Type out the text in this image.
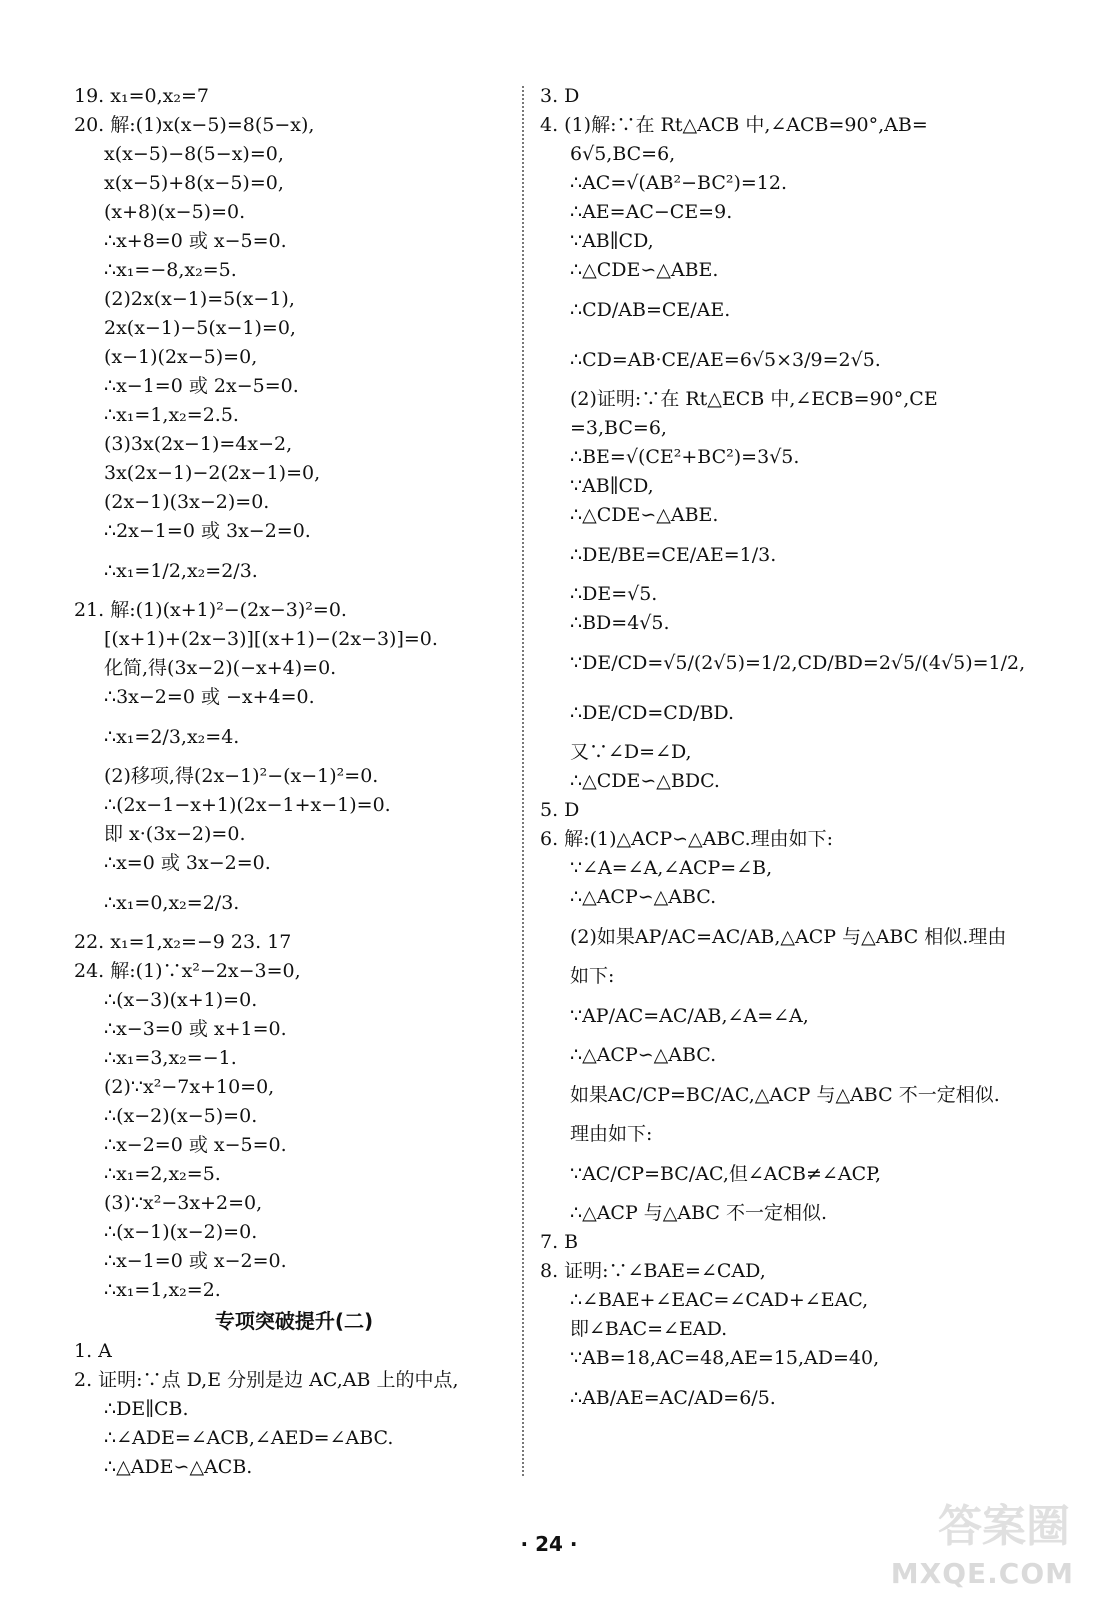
19. x₁=0,x₂=7
20. 解:(1)x(x−5)=8(5−x),
x(x−5)−8(5−x)=0,
x(x−5)+8(x−5)=0,
(x+8)(x−5)=0.
∴x+8=0 或 x−5=0.
∴x₁=−8,x₂=5.
(2)2x(x−1)=5(x−1),
2x(x−1)−5(x−1)=0,
(x−1)(2x−5)=0,
∴x−1=0 或 2x−5=0.
∴x₁=1,x₂=2.5.
(3)3x(2x−1)=4x−2,
3x(2x−1)−2(2x−1)=0,
(2x−1)(3x−2)=0.
∴2x−1=0 或 3x−2=0.
∴x₁=1/2,x₂=2/3.
21. 解:(1)(x+1)²−(2x−3)²=0.
[(x+1)+(2x−3)][(x+1)−(2x−3)]=0.
化简,得(3x−2)(−x+4)=0.
∴3x−2=0 或 −x+4=0.
∴x₁=2/3,x₂=4.
(2)移项,得(2x−1)²−(x−1)²=0.
∴(2x−1−x+1)(2x−1+x−1)=0.
即 x·(3x−2)=0.
∴x=0 或 3x−2=0.
∴x₁=0,x₂=2/3.
22. x₁=1,x₂=−9 23. 17
24. 解:(1)∵x²−2x−3=0,
∴(x−3)(x+1)=0.
∴x−3=0 或 x+1=0.
∴x₁=3,x₂=−1.
(2)∵x²−7x+10=0,
∴(x−2)(x−5)=0.
∴x−2=0 或 x−5=0.
∴x₁=2,x₂=5.
(3)∵x²−3x+2=0,
∴(x−1)(x−2)=0.
∴x−1=0 或 x−2=0.
∴x₁=1,x₂=2.
专项突破提升(二)
1. A
2. 证明:∵点 D,E 分别是边 AC,AB 上的中点,
∴DE∥CB.
∴∠ADE=∠ACB,∠AED=∠ABC.
∴△ADE∽△ACB.
3. D
4. (1)解:∵在 Rt△ACB 中,∠ACB=90°,AB=
6√5,BC=6,
∴AC=√(AB²−BC²)=12.
∴AE=AC−CE=9.
∵AB∥CD,
∴△CDE∽△ABE.
∴CD/AB=CE/AE.
∴CD=AB·CE/AE=6√5×3/9=2√5.
(2)证明:∵在 Rt△ECB 中,∠ECB=90°,CE
=3,BC=6,
∴BE=√(CE²+BC²)=3√5.
∵AB∥CD,
∴△CDE∽△ABE.
∴DE/BE=CE/AE=1/3.
∴DE=√5.
∴BD=4√5.
∵DE/CD=√5/(2√5)=1/2,CD/BD=2√5/(4√5)=1/2,
∴DE/CD=CD/BD.
又∵∠D=∠D,
∴△CDE∽△BDC.
5. D
6. 解:(1)△ACP∽△ABC.理由如下:
∵∠A=∠A,∠ACP=∠B,
∴△ACP∽△ABC.
(2)如果AP/AC=AC/AB,△ACP 与△ABC 相似.理由
如下:
∵AP/AC=AC/AB,∠A=∠A,
∴△ACP∽△ABC.
如果AC/CP=BC/AC,△ACP 与△ABC 不一定相似.
理由如下:
∵AC/CP=BC/AC,但∠ACB≠∠ACP,
∴△ACP 与△ABC 不一定相似.
7. B
8. 证明:∵∠BAE=∠CAD,
∴∠BAE+∠EAC=∠CAD+∠EAC,
即∠BAC=∠EAD.
∵AB=18,AC=48,AE=15,AD=40,
∴AB/AE=AC/AD=6/5.
· 24 ·	答案圈
MXQE.COM
